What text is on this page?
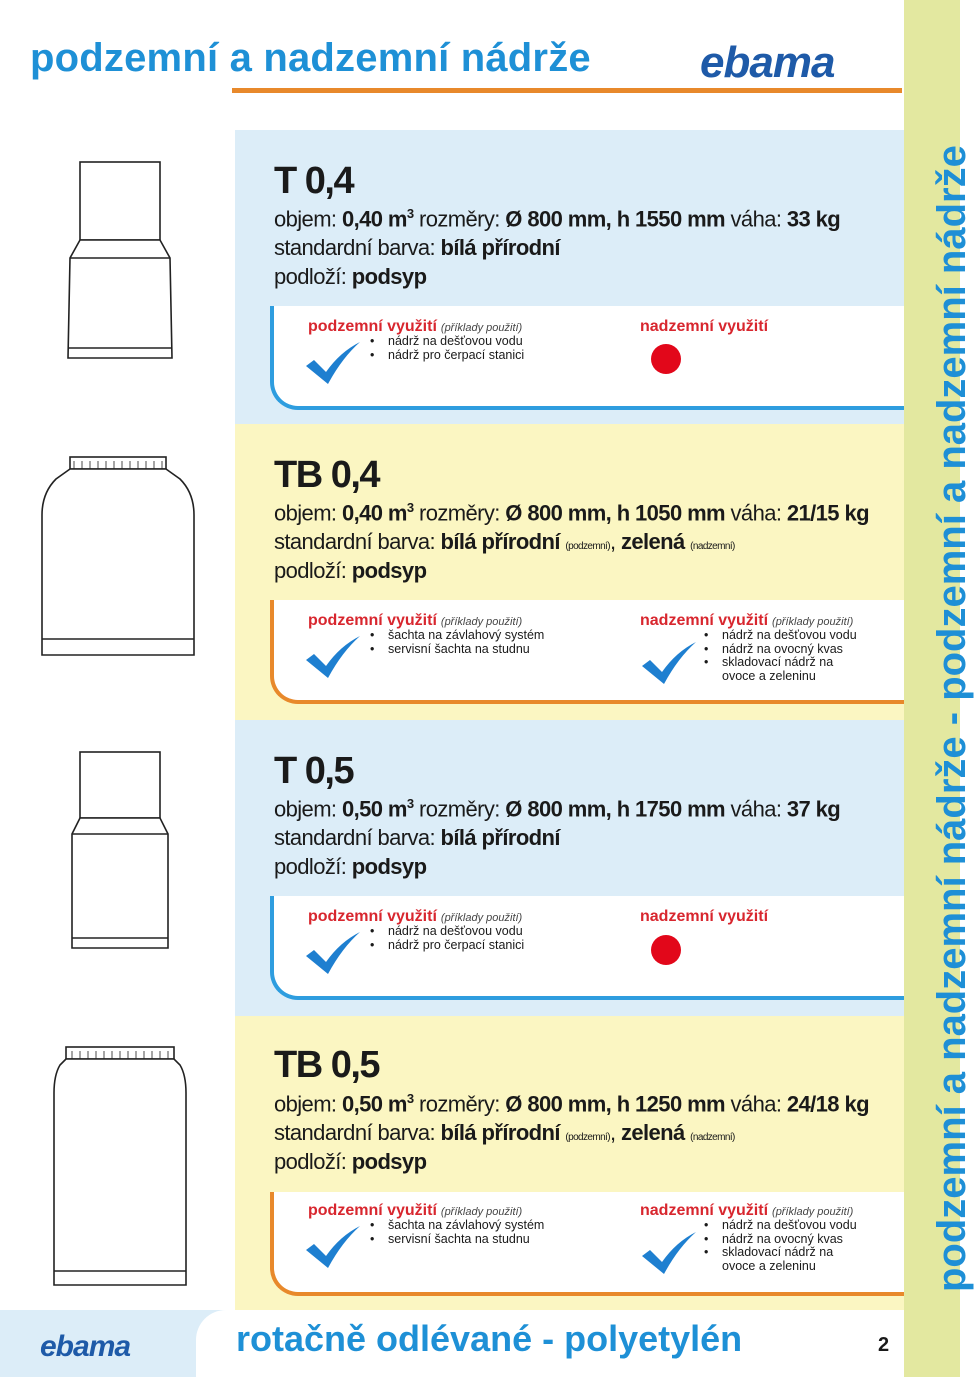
podzemní a nadzemní nádrže ebama
podzemní a nadzemní nádrže - podzemní a nadzemní nádrže
T 0,4
objem: 0,40 $m^3$ rozměry: Ø 800 mm, h 1550 mm váha: 33 kg
standardní barva: bílá přírodní
podloží: podsyp
podzemní využití (příklady použití)
• nádrž na dešťovou vodu
• nádrž pro čerpací stanici
nadzemní využití
TB 0,4
objem: 0,40 $m^3$ rozměry: Ø 800 mm, h 1050 mm váha: 21/15 kg
standardní barva: bílá přírodní (podzemní), zelená (nadzemní)
podloží: podsyp
podzemní využití (příklady použití)
• šachta na závlahový systém
• servisní šachta na studnu
nadzemní využití (příklady použití)
• nádrž na dešťovou vodu
• nádrž na ovocný kvas
• skladovací nádrž na
ovoce a zeleninu
T 0,5
objem: 0,50 $m^3$ rozměry: Ø 800 mm, h 1750 mm váha: 37 kg
standardní barva: bílá přírodní
podloží: podsyp
podzemní využití (příklady použití)
• nádrž na dešťovou vodu
• nádrž pro čerpací stanici
nadzemní využití
TB 0,5
objem: 0,50 $m^3$ rozměry: Ø 800 mm, h 1250 mm váha: 24/18 kg
standardní barva: bílá přírodní (podzemní), zelená (nadzemní)
podloží: podsyp
podzemní využití (příklady použití)
• šachta na závlahový systém
• servisní šachta na studnu
nadzemní využití (příklady použití)
• nádrž na dešťovou vodu
• nádrž na ovocný kvas
• skladovací nádrž na
ovoce a zeleninu
ebama	rotačně odlévané - polyetylén	2
